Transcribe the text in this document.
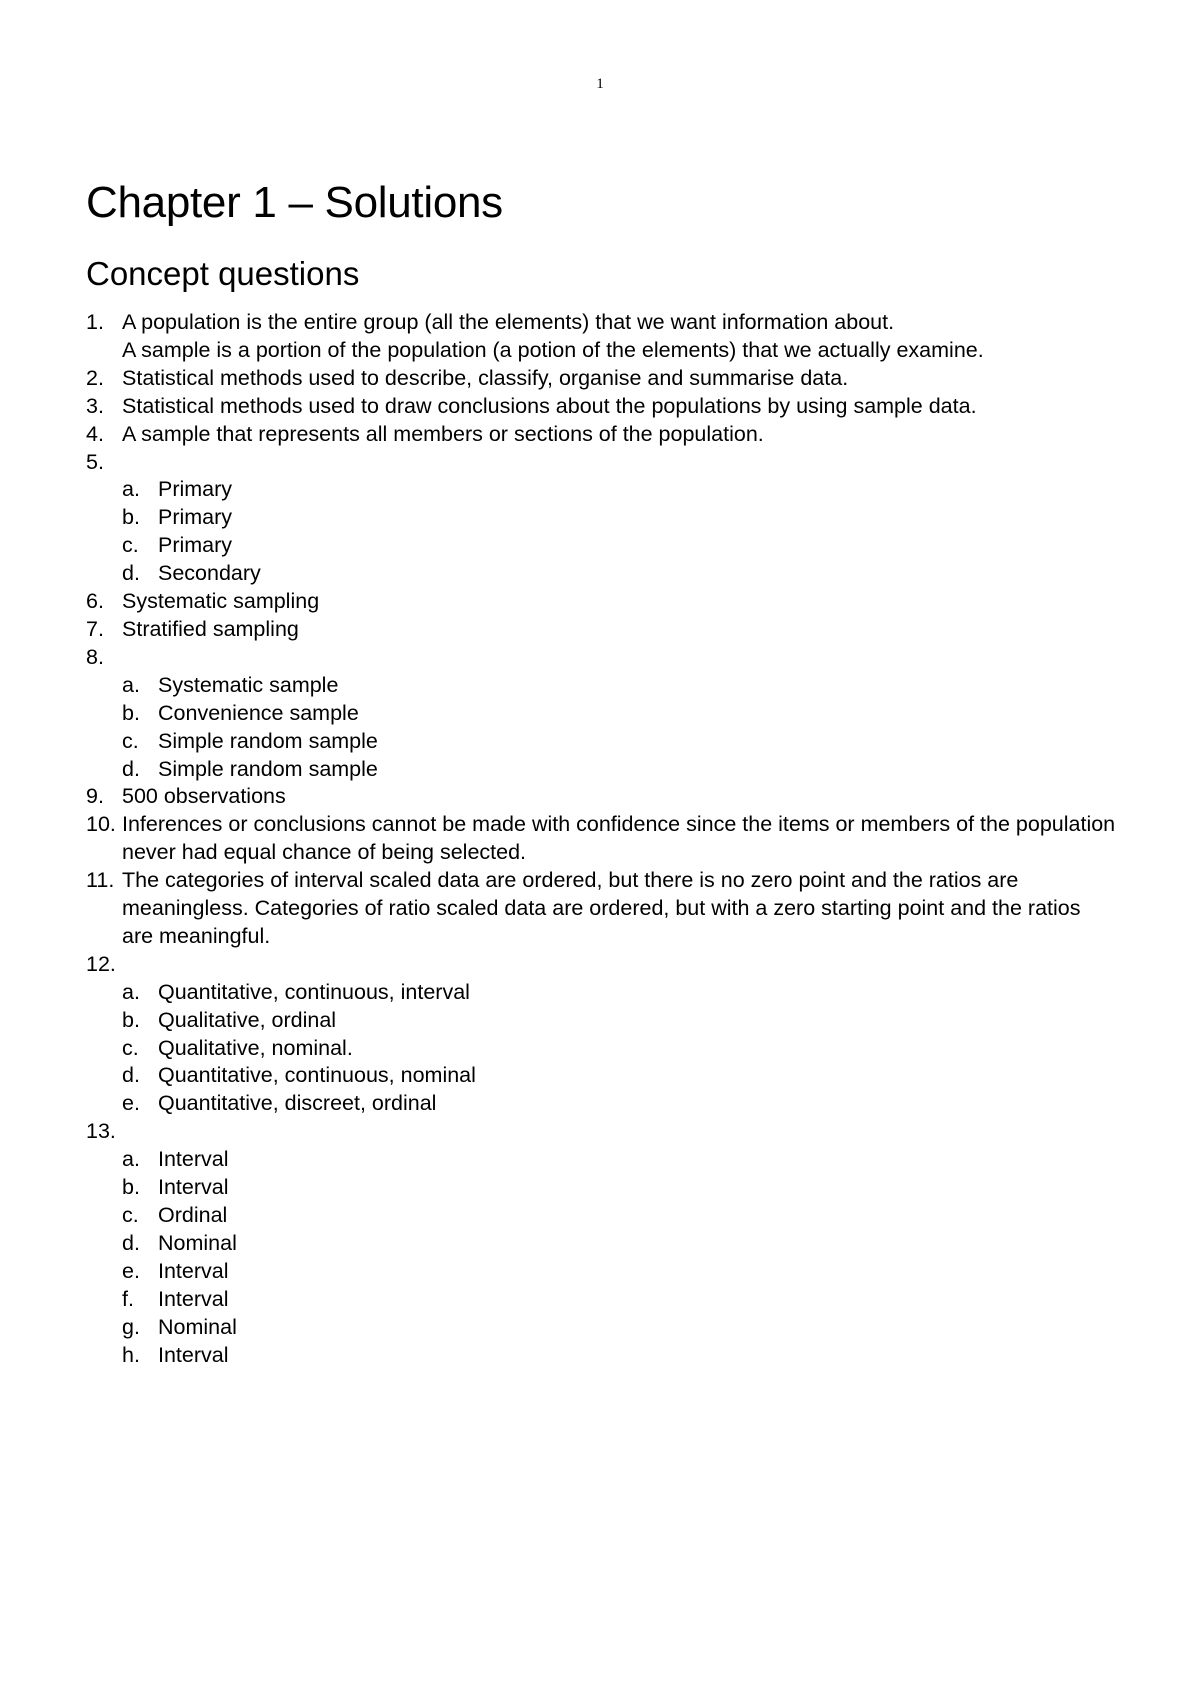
1
Chapter 1 – Solutions
Concept questions
1. A population is the entire group (all the elements) that we want information about.
A sample is a portion of the population (a potion of the elements) that we actually examine.
2. Statistical methods used to describe, classify, organise and summarise data.
3. Statistical methods used to draw conclusions about the populations by using sample data.
4. A sample that represents all members or sections of the population.
5.

a. Primary
b. Primary
c. Primary
d. Secondary
6. Systematic sampling
7. Stratified sampling
8.

a. Systematic sample
b. Convenience sample
c. Simple random sample
d. Simple random sample
9. 500 observations
10. Inferences or conclusions cannot be made with confidence since the items or members of the population never had equal chance of being selected.
11. The categories of interval scaled data are ordered, but there is no zero point and the ratios are meaningless. Categories of ratio scaled data are ordered, but with a zero starting point and the ratios are meaningful.
12.

a. Quantitative, continuous, interval
b. Qualitative, ordinal
c. Qualitative, nominal.
d. Quantitative, continuous, nominal
e. Quantitative, discreet, ordinal
13.

a. Interval
b. Interval
c. Ordinal
d. Nominal
e. Interval
f. Interval
g. Nominal
h. Interval
